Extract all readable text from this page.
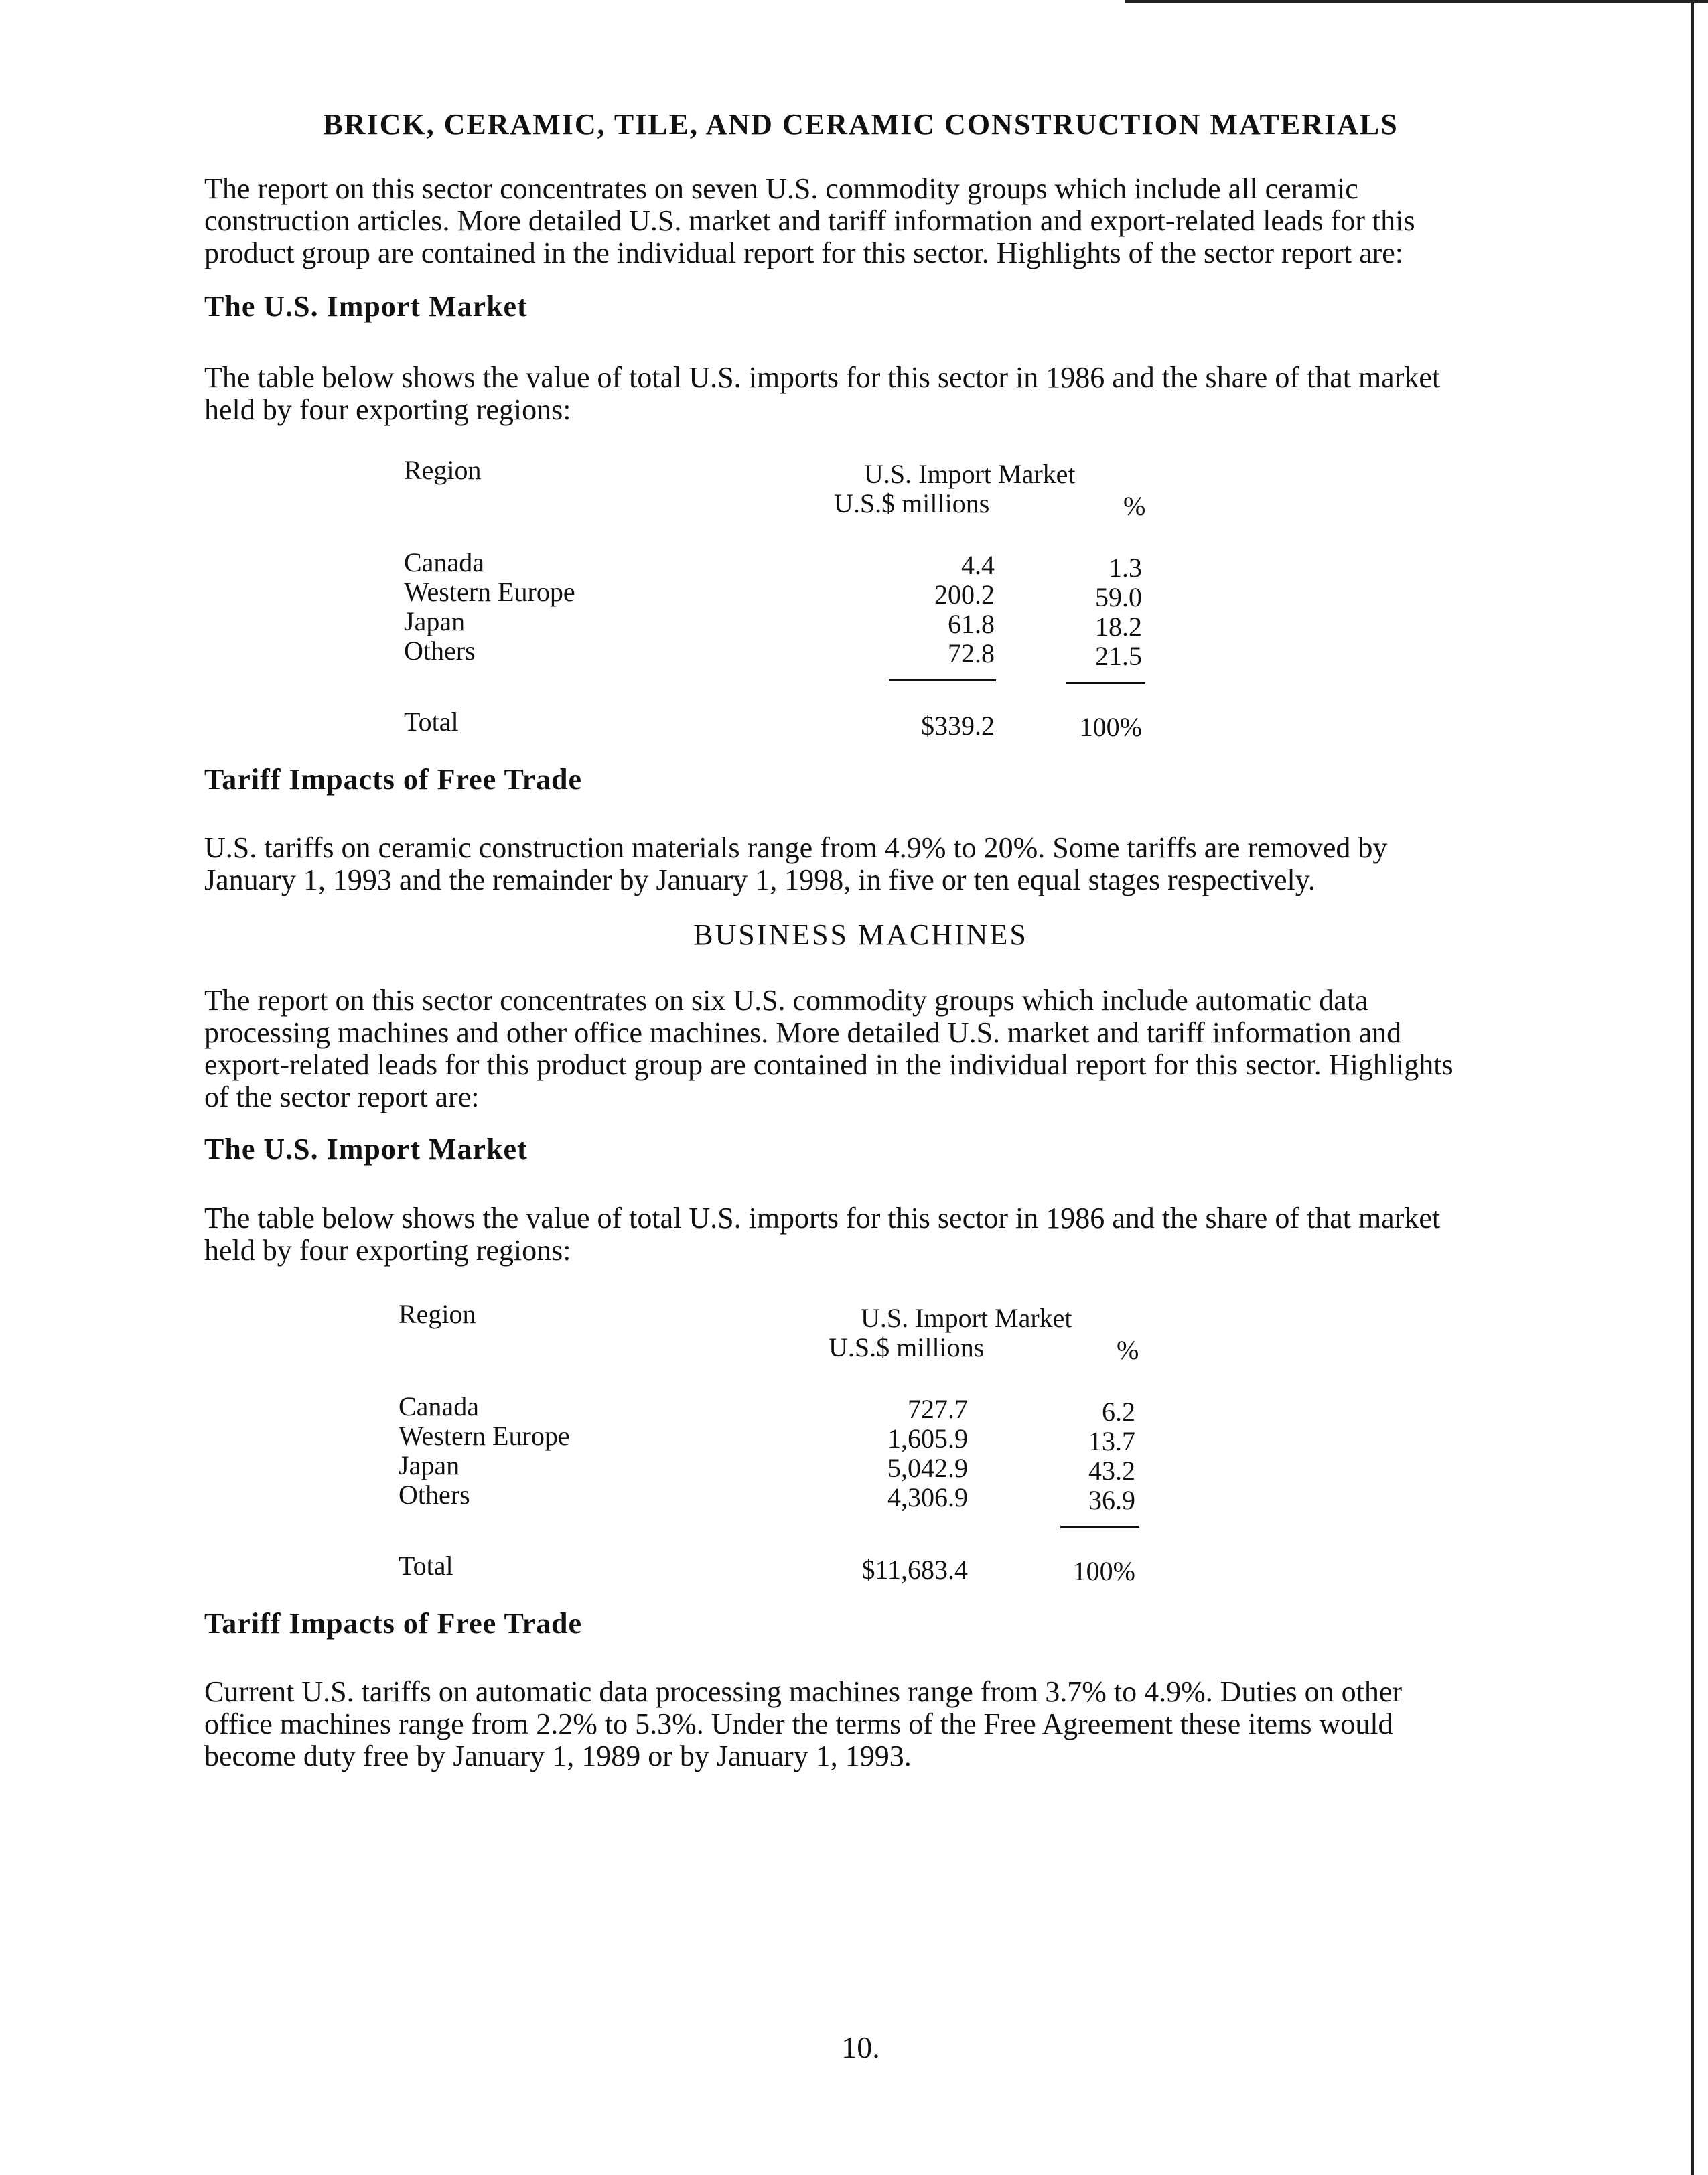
BRICK, CERAMIC, TILE, AND CERAMIC CONSTRUCTION MATERIALS
The report on this sector concentrates on seven U.S. commodity groups which include all ceramic
construction articles. More detailed U.S. market and tariff information and export-related leads for this
product group are contained in the individual report for this sector. Highlights of the sector report are:
The U.S. Import Market
The table below shows the value of total U.S. imports for this sector in 1986 and the share of that market
held by four exporting regions:
Region	U.S. Import Market
U.S.$ millions	%
Canada	4.4	1.3
Western Europe	200.2	59.0
Japan	61.8	18.2
Others	72.8	21.5
Total	$339.2	100%
Tariff Impacts of Free Trade
U.S. tariffs on ceramic construction materials range from 4.9% to 20%. Some tariffs are removed by
January 1, 1993 and the remainder by January 1, 1998, in five or ten equal stages respectively.
BUSINESS MACHINES
The report on this sector concentrates on six U.S. commodity groups which include automatic data
processing machines and other office machines. More detailed U.S. market and tariff information and
export-related leads for this product group are contained in the individual report for this sector. Highlights
of the sector report are:
The U.S. Import Market
The table below shows the value of total U.S. imports for this sector in 1986 and the share of that market
held by four exporting regions:
Region	U.S. Import Market
U.S.$ millions	%
Canada	727.7	6.2
Western Europe	1,605.9	13.7
Japan	5,042.9	43.2
Others	4,306.9	36.9
Total	$11,683.4	100%
Tariff Impacts of Free Trade
Current U.S. tariffs on automatic data processing machines range from 3.7% to 4.9%. Duties on other
office machines range from 2.2% to 5.3%. Under the terms of the Free Agreement these items would
become duty free by January 1, 1989 or by January 1, 1993.
10.
